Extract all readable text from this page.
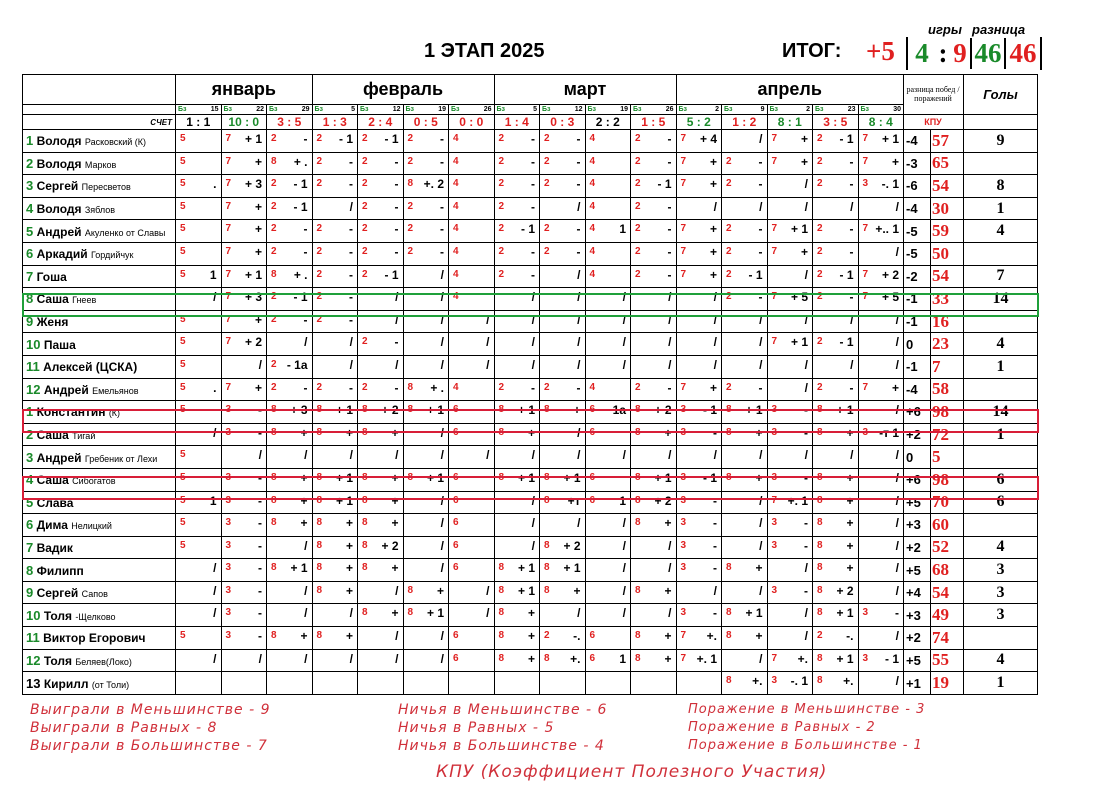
1 ЭТАП 2025	ИТОГ: +5
игры разница
4 : 9 46 46
	январь			февраль				март				апрель					разница побед / поражений		Голы

	Бз 15	Бз 22	Бз 29	Бз 5	Бз 12	Бз 19	Бз 26	Бз 5	Бз 12	Бз 19	Бз 26	Бз 2	Бз 9	Бз 2	Бз 23	Бз 30			

СЧЕТ	1 : 1	10 : 0	3 : 5	1 : 3	2 : 4	0 : 5	0 : 0	1 : 4	0 : 3	2 : 2	1 : 5	5 : 2	1 : 2	8 : 1	3 : 5	8 : 4	КПУ		
1 Володя Расковский (К)	5	7 + 1	2 -	2 - 1	2 - 1	2 -	4	2 -	2 -	4	2 -	7 + 4	/	7 +	2 - 1	7 + 1	-4	57	9
2 Володя Марков	5	7 +	8 + .	2 -	2 -	2 -	4	2 -	2 -	4	2 -	7 +	2 -	7 +	2 -	7 +	-3	65	
3 Сергей Пересветов	5 .	7 + 3	2 - 1	2 -	2 -	8 +. 2	4	2 -	2 -	4	2 - 1	7 +	2 -	/	2 -	3 -. 1	-6	54	8
4 Володя Зяблов	5	7 +	2 - 1	/	2 -	2 -	4	2 -	/	4	2 -	/	/	/	/	/	-4	30	1
5 Андрей Акуленко от Славы	5	7 +	2 -	2 -	2 -	2 -	4	2 - 1	2 -	4 1	2 -	7 +	2 -	7 + 1	2 -	7 +.. 1	-5	59	4
6 Аркадий Гордийчук	5	7 +	2 -	2 -	2 -	2 -	4	2 -	2 -	4	2 -	7 +	2 -	7 +	2 -	/	-5	50	
7 Гоша	5 1	7 + 1	8 + .	2 -	2 - 1	/	4	2 -	/	4	2 -	7 +	2 - 1	/	2 - 1	7 + 2	-2	54	7
8 Саша Гнеев	/	7 + 3	2 - 1	2 -	/	/	4	/	/	/	/	/	2 -	7 + 5	2 -	7 + 5	-1	33	14
9 Женя	5	7 +	2 -	2 -	/	/	/	/	/	/	/	/	/	/	/	/	-1	16	
10 Паша	5	7 + 2	/	/	2 -	/	/	/	/	/	/	/	/	7 + 1	2 - 1	/	0	23	4
11 Алексей (ЦСКА)	5	/	2 - 1a	/	/	/	/	/	/	/	/	/	/	/	/	/	-1	7	1
12 Андрей Емельянов	5 .	7 +	2 -	2 -	2 -	8 + .	4	2 -	2 -	4	2 -	7 +	2 -	/	2 -	7 +	-4	58	
1 Константин (К)	5	3 -	8 + 3	8 + 1	8 + 2	8 + 1	6	8 + 1	8 +	6 1a	8 + 2	3 - 1	8 + 1	3 -	8 + 1	/	+6	98	14
2 Саша Тигай	/	3 -	8 +	8 +	8 +	/	6	8 +	/	6	8 +	3 -	8 +	3 -	8 +	3 -т 1	+2	72	1
3 Андрей Гребеник от Лехи	5	/	/	/	/	/	/	/	/	/	/	/	/	/	/	/	0	5	
4 Саша Сибогатов	5	3 -	8 +	8 + 1	8 +	8 + 1	6	8 + 1	8 + 1	6	8 + 1	3 - 1	8 +	3 -	8 +	/	+6	98	6
5 Слава	5 1	3 -	8 +	8 + 1	8 +	/	6	/	8 +т	6 1	8 + 2	3 -	/	7 +. 1	8 +	/	+5	70	6
6 Дима Нелицкий	5	3 -	8 +	8 +	8 +	/	6	/	/	/	8 +	3 -	/	3 -	8 +	/	+3	60	
7 Вадик	5	3 -	/	8 +	8 + 2	/	6	/	8 + 2	/	/	3 -	/	3 -	8 +	/	+2	52	4
8 Филипп	/	3 -	8 + 1	8 +	8 +	/	6	8 + 1	8 + 1	/	/	3 -	8 +	/	8 +	/	+5	68	3
9 Сергей Сапов	/	3 -	/	8 +	/	8 +	/	8 + 1	8 +	/	8 +	/	/	3 -	8 + 2	/	+4	54	3
10 Толя -Щелково	/	3 -	/	/	8 +	8 + 1	/	8 +	/	/	/	3 -	8 + 1	/	8 + 1	3 -	+3	49	3
11 Виктор Егорович	5	3 -	8 +	8 +	/	/	6	8 +	2 -.	6	8 +	7 +.	8 +	/	2 -.	/	+2	74	
12 Толя Беляев(Локо)	/	/	/	/	/	/	6	8 +	8 +.	6 1	8 +	7 +. 1	/	7 +.	8 + 1	3 - 1	+5	55	4
13 Кирилл (от Толи)													8 +.	3 -. 1	8 +.	/	+1	19	1
Выиграли в Меньшинстве - 9
Выиграли в Равных - 8
Выиграли в Большинстве - 7
Ничья в Меньшинстве - 6
Ничья в Равных - 5
Ничья в Большинстве - 4
Поражение в Меньшинстве - 3
Поражение в Равных - 2
Поражение в Большинстве - 1
КПУ (Коэффициент Полезного Участия)
